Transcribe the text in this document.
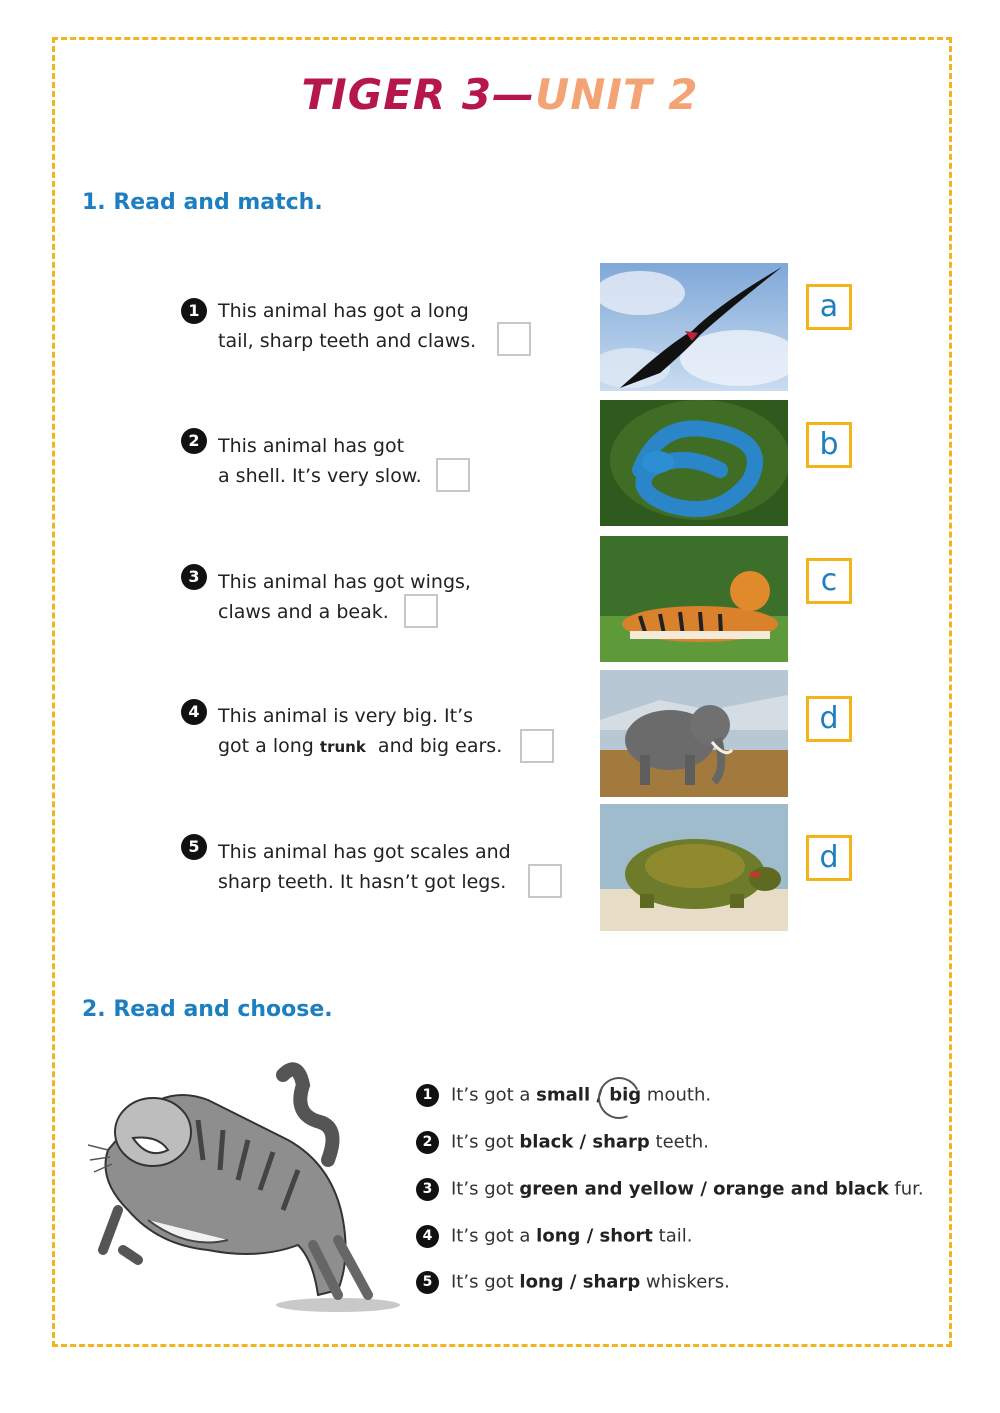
TIGER 3—UNIT 2
1. Read and match.
1 This animal has got a long
tail, sharp teeth and claws.
2 This animal has got
a shell. It’s very slow.
3 This animal has got wings,
claws and a beak.
4 This animal is very big. It’s
got a long trunk and big ears.
5 This animal has got scales and
sharp teeth. It hasn’t got legs.
a
b
c
d
d
2. Read and choose.
1 It’s got a small / big mouth.
2 It’s got black / sharp teeth.
3 It’s got green and yellow / orange and black fur.
4 It’s got a long / short tail.
5 It’s got long / sharp whiskers.
